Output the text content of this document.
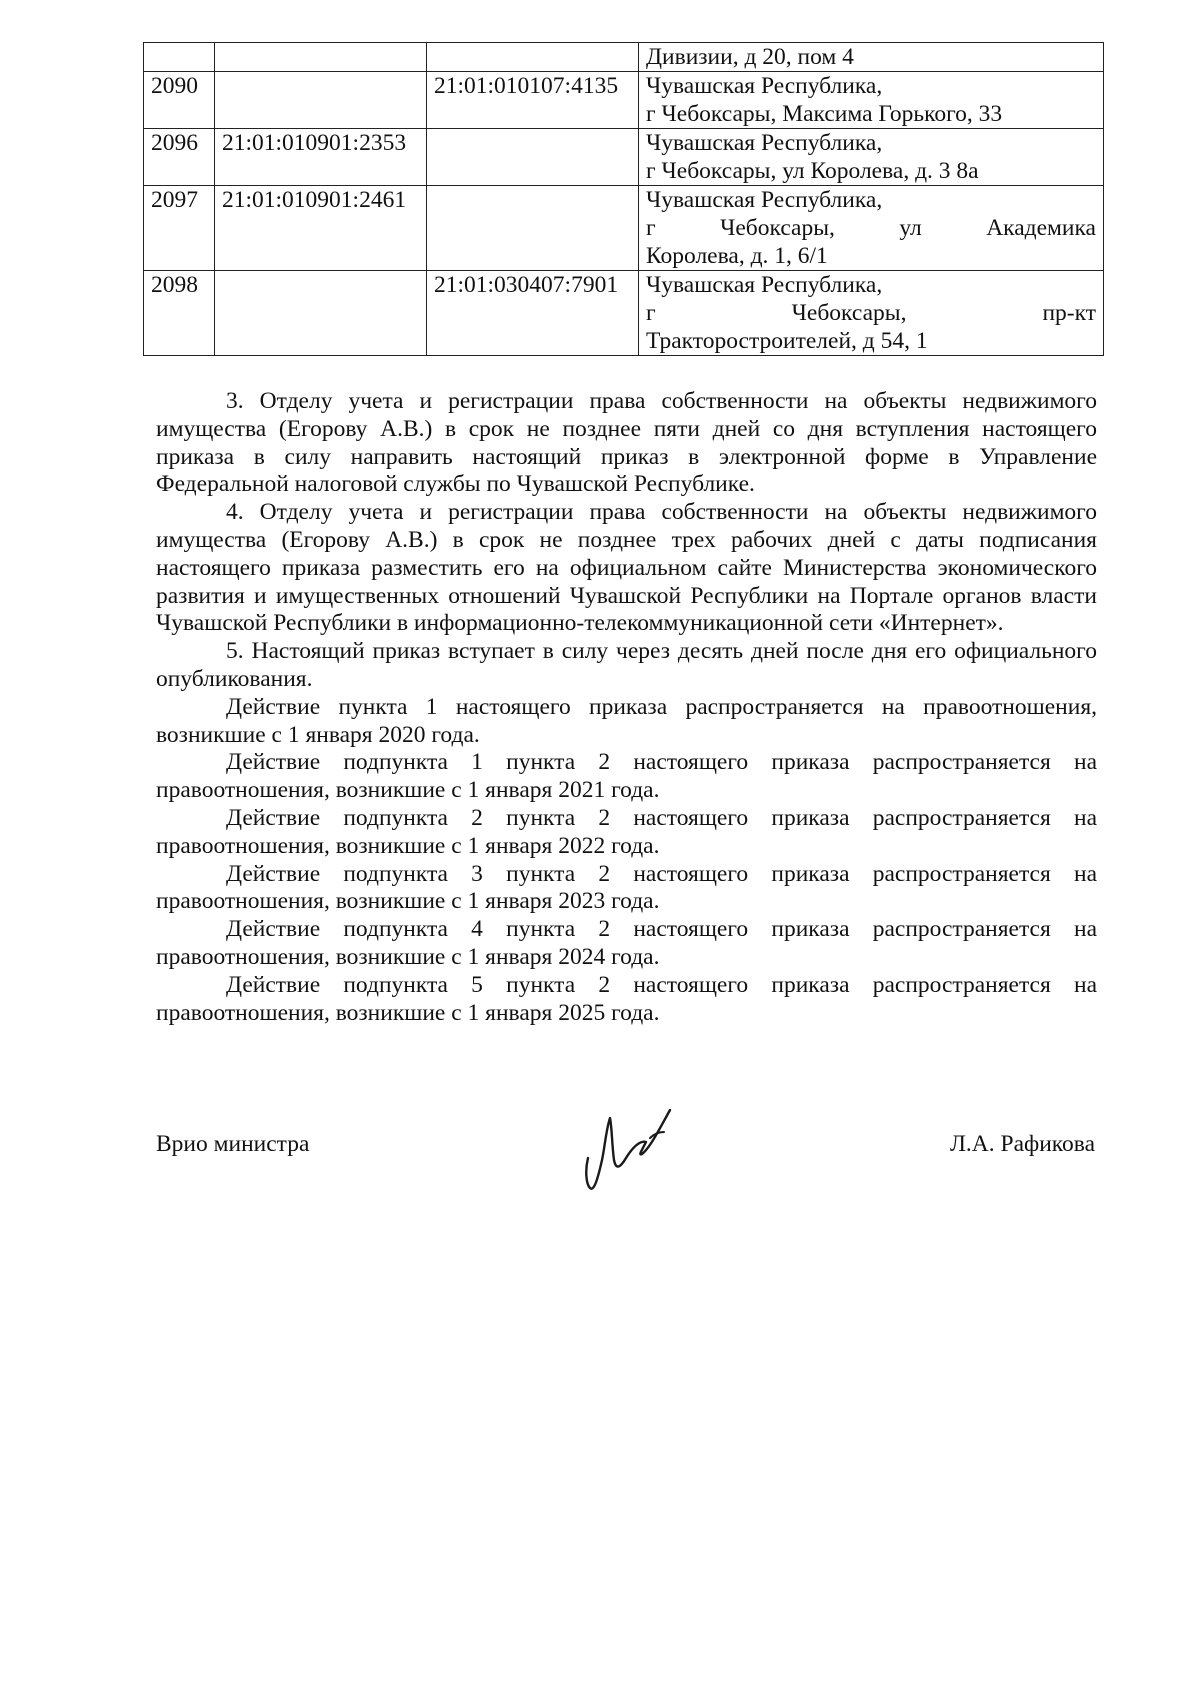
			Дивизии, д 20, пом 4

2090		21:01:010107:4135	Чувашская Республика,
г Чебоксары, Максима Горького, 33

2096	21:01:010901:2353		Чувашская Республика,
г Чебоксары, ул Королева, д. 3 8а

2097	21:01:010901:2461		Чувашская Республика,
г Чебоксары, ул Академика
Королева, д. 1, 6/1

2098		21:01:030407:7901	Чувашская Республика,
г Чебоксары, пр-кт
Тракторостроителей, д 54, 1

3. Отделу учета и регистрации права собственности на объекты недвижимого имущества (Егорову А.В.) в срок не позднее пяти дней со дня вступления настоящего приказа в силу направить настоящий приказ в электронной форме в Управление Федеральной налоговой службы по Чувашской Республике.

4. Отделу учета и регистрации права собственности на объекты недвижимого имущества (Егорову А.В.) в срок не позднее трех рабочих дней с даты подписания настоящего приказа разместить его на официальном сайте Министерства экономического развития и имущественных отношений Чувашской Республики на Портале органов власти Чувашской Республики в информационно-телекоммуникационной сети «Интернет».

5. Настоящий приказ вступает в силу через десять дней после дня его официального опубликования.

Действие пункта 1 настоящего приказа распространяется на правоотношения, возникшие с 1 января 2020 года.

Действие подпункта 1 пункта 2 настоящего приказа распространяется на правоотношения, возникшие с 1 января 2021 года.

Действие подпункта 2 пункта 2 настоящего приказа распространяется на правоотношения, возникшие с 1 января 2022 года.

Действие подпункта 3 пункта 2 настоящего приказа распространяется на правоотношения, возникшие с 1 января 2023 года.

Действие подпункта 4 пункта 2 настоящего приказа распространяется на правоотношения, возникшие с 1 января 2024 года.

Действие подпункта 5 пункта 2 настоящего приказа распространяется на правоотношения, возникшие с 1 января 2025 года.

Врио министра	Л.А. Рафикова
